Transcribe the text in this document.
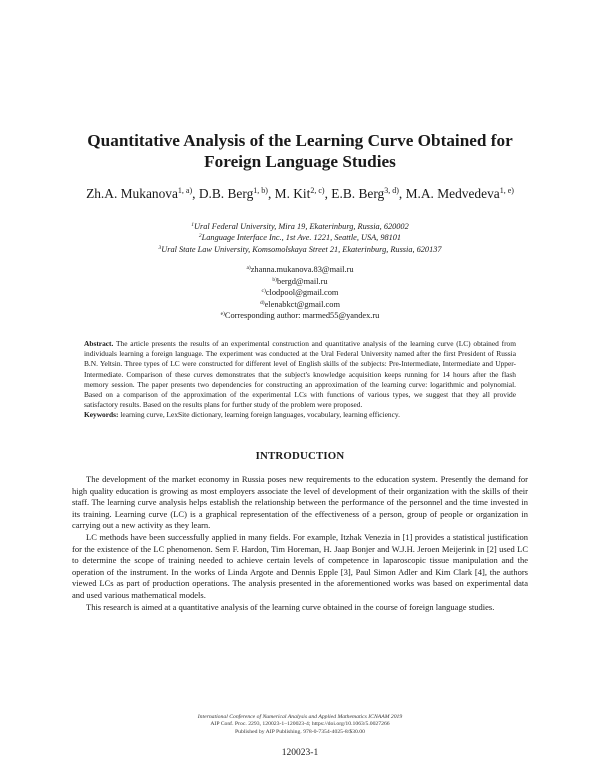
Quantitative Analysis of the Learning Curve Obtained for
Foreign Language Studies
Zh.A. Mukanova$^{1, a)}$, D.B. Berg$^{1, b)}$, M. Kit$^{2, c)}$, E.B. Berg$^{3, d)}$, M.A. Medvedeva$^{1, e)}$
$^1$Ural Federal University, Mira 19, Ekaterinburg, Russia, 620002
$^2$Language Interface Inc., 1st Ave. 1221, Seattle, USA, 98101
$^3$Ural State Law University, Komsomolskaya Street 21, Ekaterinburg, Russia, 620137
$^{a)}$zhanna.mukanova.83@mail.ru
$^{b)}$bergd@mail.ru
$^{c)}$clodpool@gmail.com
$^{d)}$elenabkct@gmail.com
$^{e)}$Corresponding author: marmed55@yandex.ru
Abstract. The article presents the results of an experimental construction and quantitative analysis of the learning curve (LC) obtained from individuals learning a foreign language. The experiment was conducted at the Ural Federal University named after the first President of Russia B.N. Yeltsin. Three types of LC were constructed for different level of English skills of the subjects: Pre-Intermediate, Intermediate and Upper-Intermediate. Comparison of these curves demonstrates that the subject's knowledge acquisition keeps running for 14 hours after the flash memory session. The paper presents two dependencies for constructing an approximation of the learning curve: logarithmic and polynomial. Based on a comparison of the approximation of the experimental LCs with functions of various types, we suggest that they all provide satisfactory results. Based on the results plans for further study of the problem were proposed.
Keywords: learning curve, LexSite dictionary, learning foreign languages, vocabulary, learning efficiency.
INTRODUCTION

The development of the market economy in Russia poses new requirements to the education system. Presently the demand for high quality education is growing as most employers associate the level of development of their organization with the skills of their staff. The learning curve analysis helps establish the relationship between the performance of the personnel and the time invested in its training. Learning curve (LC) is a graphical representation of the effectiveness of a person, group of people or organization in carrying out a new activity as they learn.

LC methods have been successfully applied in many fields. For example, Itzhak Venezia in [1] provides a statistical justification for the existence of the LC phenomenon. Sem F. Hardon, Tim Horeman, H. Jaap Bonjer and W.J.H. Jeroen Meijerink in [2] used LC to determine the scope of training needed to achieve certain levels of competence in laparoscopic tissue manipulation and the operation of the instrument. In the works of Linda Argote and Dennis Epple [3], Paul Simon Adler and Kim Clark [4], the authors viewed LCs as part of production operations. The analysis presented in the aforementioned works was based on experimental data and used various mathematical models.

This research is aimed at a quantitative analysis of the learning curve obtained in the course of foreign language studies.

International Conference of Numerical Analysis and Applied Mathematics ICNAAM 2019
AIP Conf. Proc. 2293, 120023-1–120023-4; https://doi.org/10.1063/5.0027266
Published by AIP Publishing. 978-0-7354-4025-8/$30.00
120023-1
